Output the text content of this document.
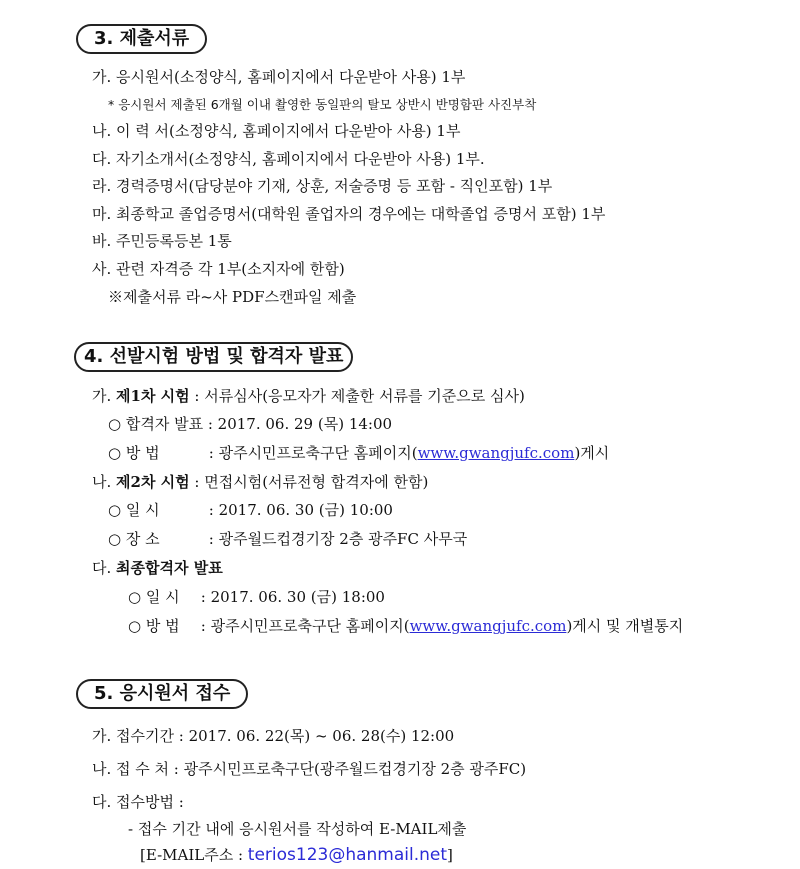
3. 제출서류
가. 응시원서(소정양식, 홈페이지에서 다운받아 사용) 1부
* 응시원서 제출된 6개월 이내 촬영한 동일판의 탈모 상반시 반명함판 사진부착
나. 이 력 서(소정양식, 홈페이지에서 다운받아 사용) 1부
다. 자기소개서(소정양식, 홈페이지에서 다운받아 사용) 1부.
라. 경력증명서(담당분야 기재, 상훈, 저술증명 등 포함 - 직인포함) 1부
마. 최종학교 졸업증명서(대학원 졸업자의 경우에는 대학졸업 증명서 포함) 1부
바. 주민등록등본 1통
사. 관련 자격증 각 1부(소지자에 한함)
※제출서류 라~사 PDF스캔파일 제출
4. 선발시험 방법 및 합격자 발표
가. 제1차 시험 : 서류심사(응모자가 제출한 서류를 기준으로 심사)
○ 합격자 발표 : 2017. 06. 29 (목) 14:00
○ 방 법	: 광주시민프로축구단 홈페이지(www.gwangjufc.com)게시
나. 제2차 시험 : 면접시험(서류전형 합격자에 한함)
○ 일 시	: 2017. 06. 30 (금) 10:00
○ 장 소	: 광주월드컵경기장 2층 광주FC 사무국
다. 최종합격자 발표
○ 일 시 : 2017. 06. 30 (금) 18:00
○ 방 법 : 광주시민프로축구단 홈페이지(www.gwangjufc.com)게시 및 개별통지
5. 응시원서 접수
가. 접수기간 : 2017. 06. 22(목) ~ 06. 28(수) 12:00
나. 접 수 처 : 광주시민프로축구단(광주월드컵경기장 2층 광주FC)
다. 접수방법 :
- 접수 기간 내에 응시원서를 작성하여 E-MAIL제출
[E-MAIL주소 : terios123@hanmail.net]
